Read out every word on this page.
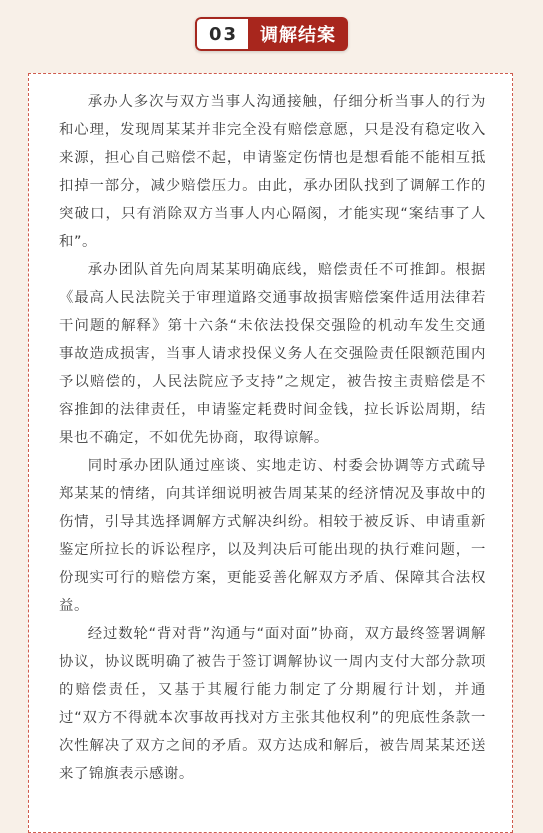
03	调解结案

承办人多次与双方当事人沟通接触，仔细分析当事人的行为和心理，发现周某某并非完全没有赔偿意愿，只是没有稳定收入来源，担心自己赔偿不起，申请鉴定伤情也是想看能不能相互抵扣掉一部分，减少赔偿压力。由此，承办团队找到了调解工作的突破口，只有消除双方当事人内心隔阂，才能实现“案结事了人和”。

承办团队首先向周某某明确底线，赔偿责任不可推卸。根据《最高人民法院关于审理道路交通事故损害赔偿案件适用法律若干问题的解释》第十六条“未依法投保交强险的机动车发生交通事故造成损害，当事人请求投保义务人在交强险责任限额范围内予以赔偿的，人民法院应予支持”之规定，被告按主责赔偿是不容推卸的法律责任，申请鉴定耗费时间金钱，拉长诉讼周期，结果也不确定，不如优先协商，取得谅解。

同时承办团队通过座谈、实地走访、村委会协调等方式疏导郑某某的情绪，向其详细说明被告周某某的经济情况及事故中的伤情，引导其选择调解方式解决纠纷。相较于被反诉、申请重新鉴定所拉长的诉讼程序，以及判决后可能出现的执行难问题，一份现实可行的赔偿方案，更能妥善化解双方矛盾、保障其合法权益。

经过数轮“背对背”沟通与“面对面”协商，双方最终签署调解协议，协议既明确了被告于签订调解协议一周内支付大部分款项的赔偿责任，又基于其履行能力制定了分期履行计划，并通过“双方不得就本次事故再找对方主张其他权利”的兜底性条款一次性解决了双方之间的矛盾。双方达成和解后，被告周某某还送来了锦旗表示感谢。
